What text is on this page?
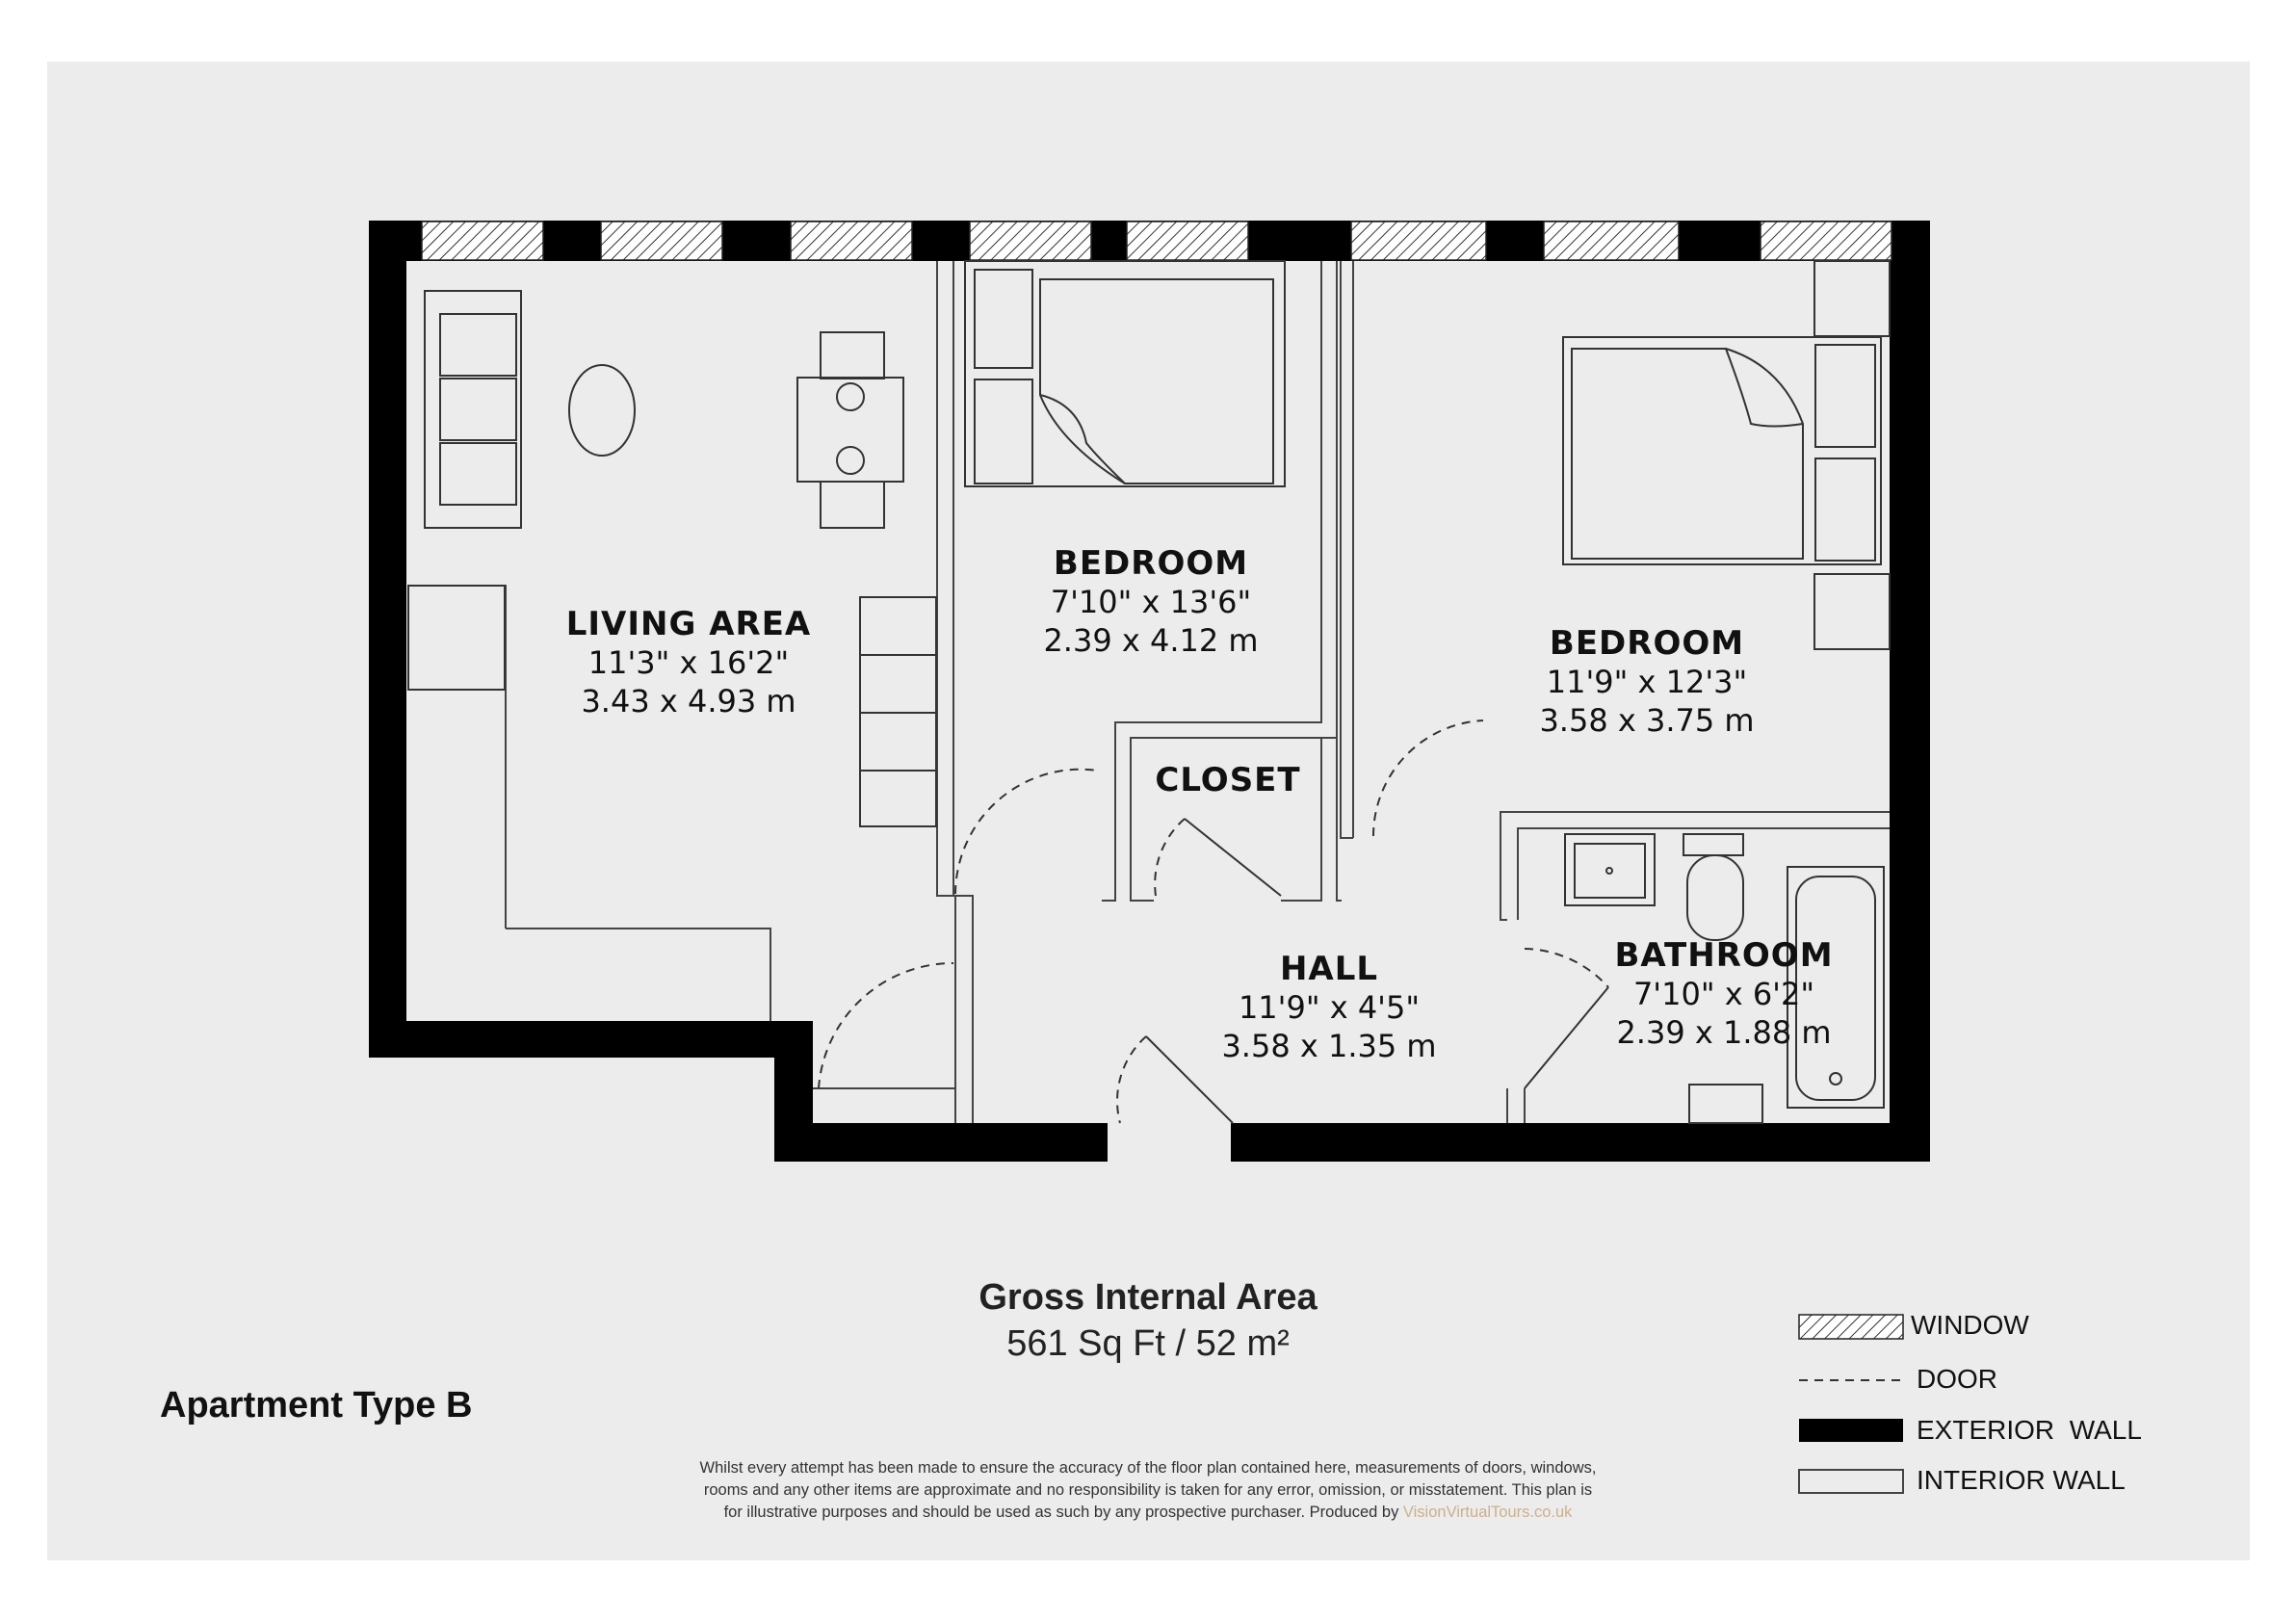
LIVING AREA
11'3" x 16'2"
3.43 x 4.93 m
BEDROOM
7'10" x 13'6"
2.39 x 4.12 m	BEDROOM
11'9" x 12'3"
3.58 x 3.75 m
CLOSET
HALL
11'9" x 4'5"
3.58 x 1.35 m
BATHROOM
7'10" x 6'2"
2.39 x 1.88 m
Gross Internal Area
561 Sq Ft / 52 m²
Apartment Type B
Whilst every attempt has been made to ensure the accuracy of the floor plan contained here, measurements of doors, windows,
rooms and any other items are approximate and no responsibility is taken for any error, omission, or misstatement. This plan is
for illustrative purposes and should be used as such by any prospective purchaser. Produced by VisionVirtualTours.co.uk
WINDOW
DOOR
EXTERIOR  WALL
INTERIOR WALL
